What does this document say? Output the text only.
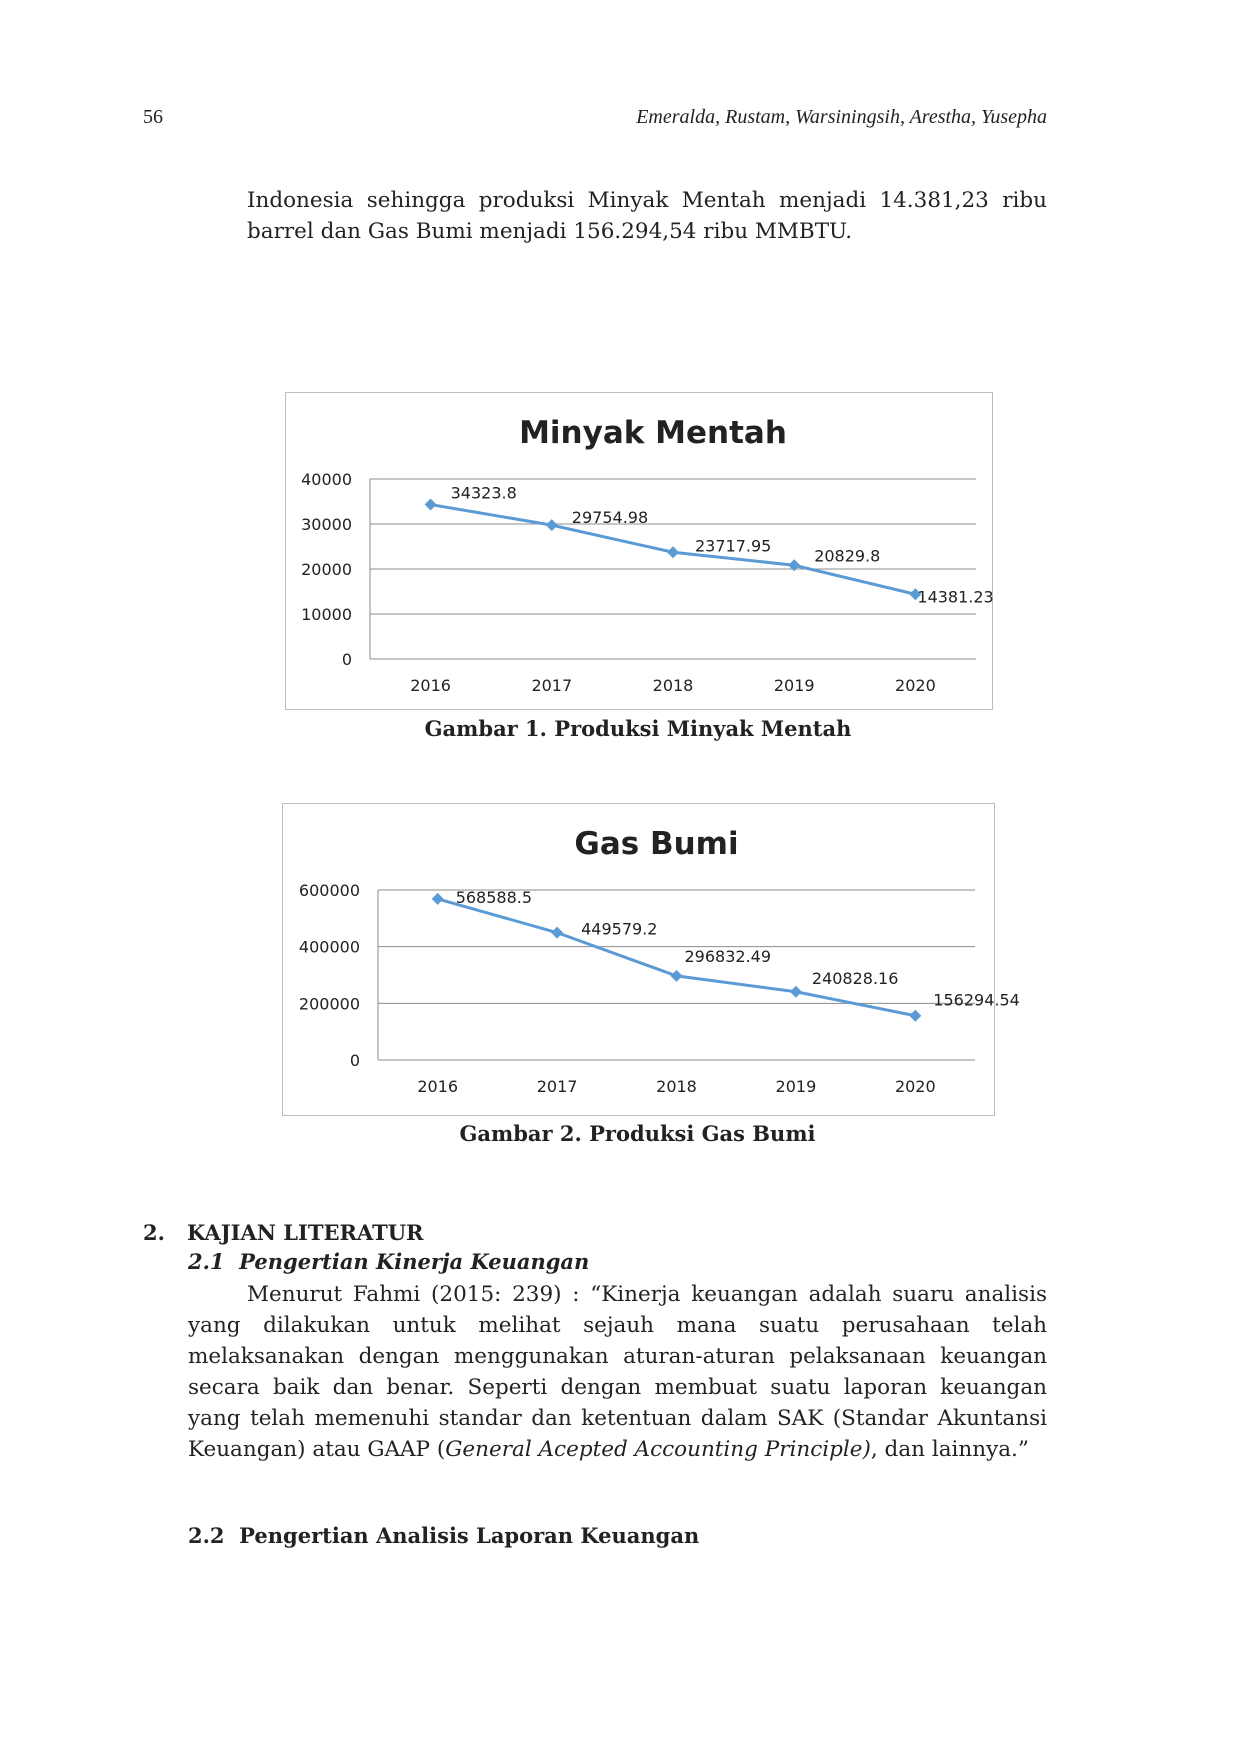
56	Emeralda, Rustam, Warsiningsih, Arestha, Yusepha
Indonesia sehingga produksi Minyak Mentah menjadi 14.381,23 ribu barrel dan Gas Bumi menjadi 156.294,54 ribu MMBTU.
Minyak Mentah
0
10000
20000
30000
40000
2016	2017	2018	2019	2020
34323.8
29754.98
23717.95
20829.8
14381.23
Gambar 1. Produksi Minyak Mentah
Gas Bumi
0
200000
400000
600000
2016	2017	2018	2019	2020
568588.5
449579.2
296832.49
240828.16
156294.54
Gambar 2. Produksi Gas Bumi
2. KAJIAN LITERATUR
2.1 Pengertian Kinerja Keuangan
Menurut Fahmi (2015: 239) : “Kinerja keuangan adalah suaru analisis yang dilakukan untuk melihat sejauh mana suatu perusahaan telah melaksanakan dengan menggunakan aturan-aturan pelaksanaan keuangan secara baik dan benar. Seperti dengan membuat suatu laporan keuangan yang telah memenuhi standar dan ketentuan dalam SAK (Standar Akuntansi Keuangan) atau GAAP (General Acepted Accounting Principle), dan lainnya.”
2.2 Pengertian Analisis Laporan Keuangan
